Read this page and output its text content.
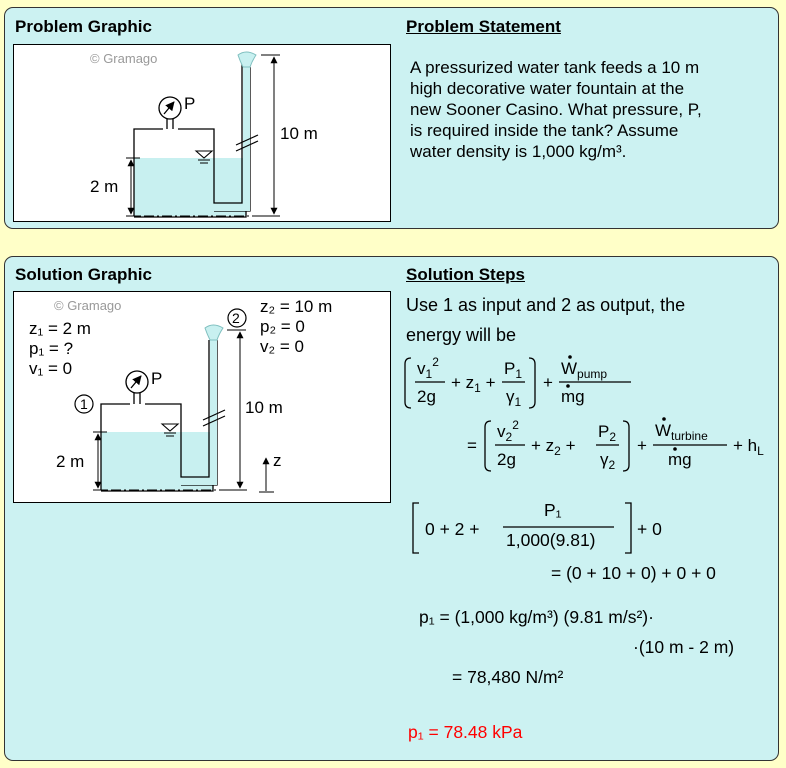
Problem Graphic	Problem Statement
© Gramago
P
2 m
10 m
A pressurized water tank feeds a 10 m
high decorative water fountain at the
new Sooner Casino. What pressure, P,
is required inside the tank? Assume
water density is 1,000 kg/m³.
Solution Graphic	Solution Steps
© Gramago
z₁ = 2 m
p₁ = ?
v₁ = 0
z₂ = 10 m
p₂ = 0
v₂ = 0
2
1
P
2 m
10 m
z
Use 1 as input and 2 as output, the
energy will be
$v_1^2$
2g
+ $z_1$ +
$P_1$
$\gamma_1$
+
$W_{pump}$
mg
=
$v_2^2$
2g
+ $z_2$ +
$P_2$
$\gamma_2$
+
$W_{turbine}$
mg
+ $h_L$
0 + 2 +
P₁
1,000(9.81)
+ 0
= (0 + 10 + 0) + 0 + 0
p₁ = (1,000 kg/m³) (9.81 m/s²)·
·(10 m - 2 m)
= 78,480 N/m²
p₁ = 78.48 kPa
